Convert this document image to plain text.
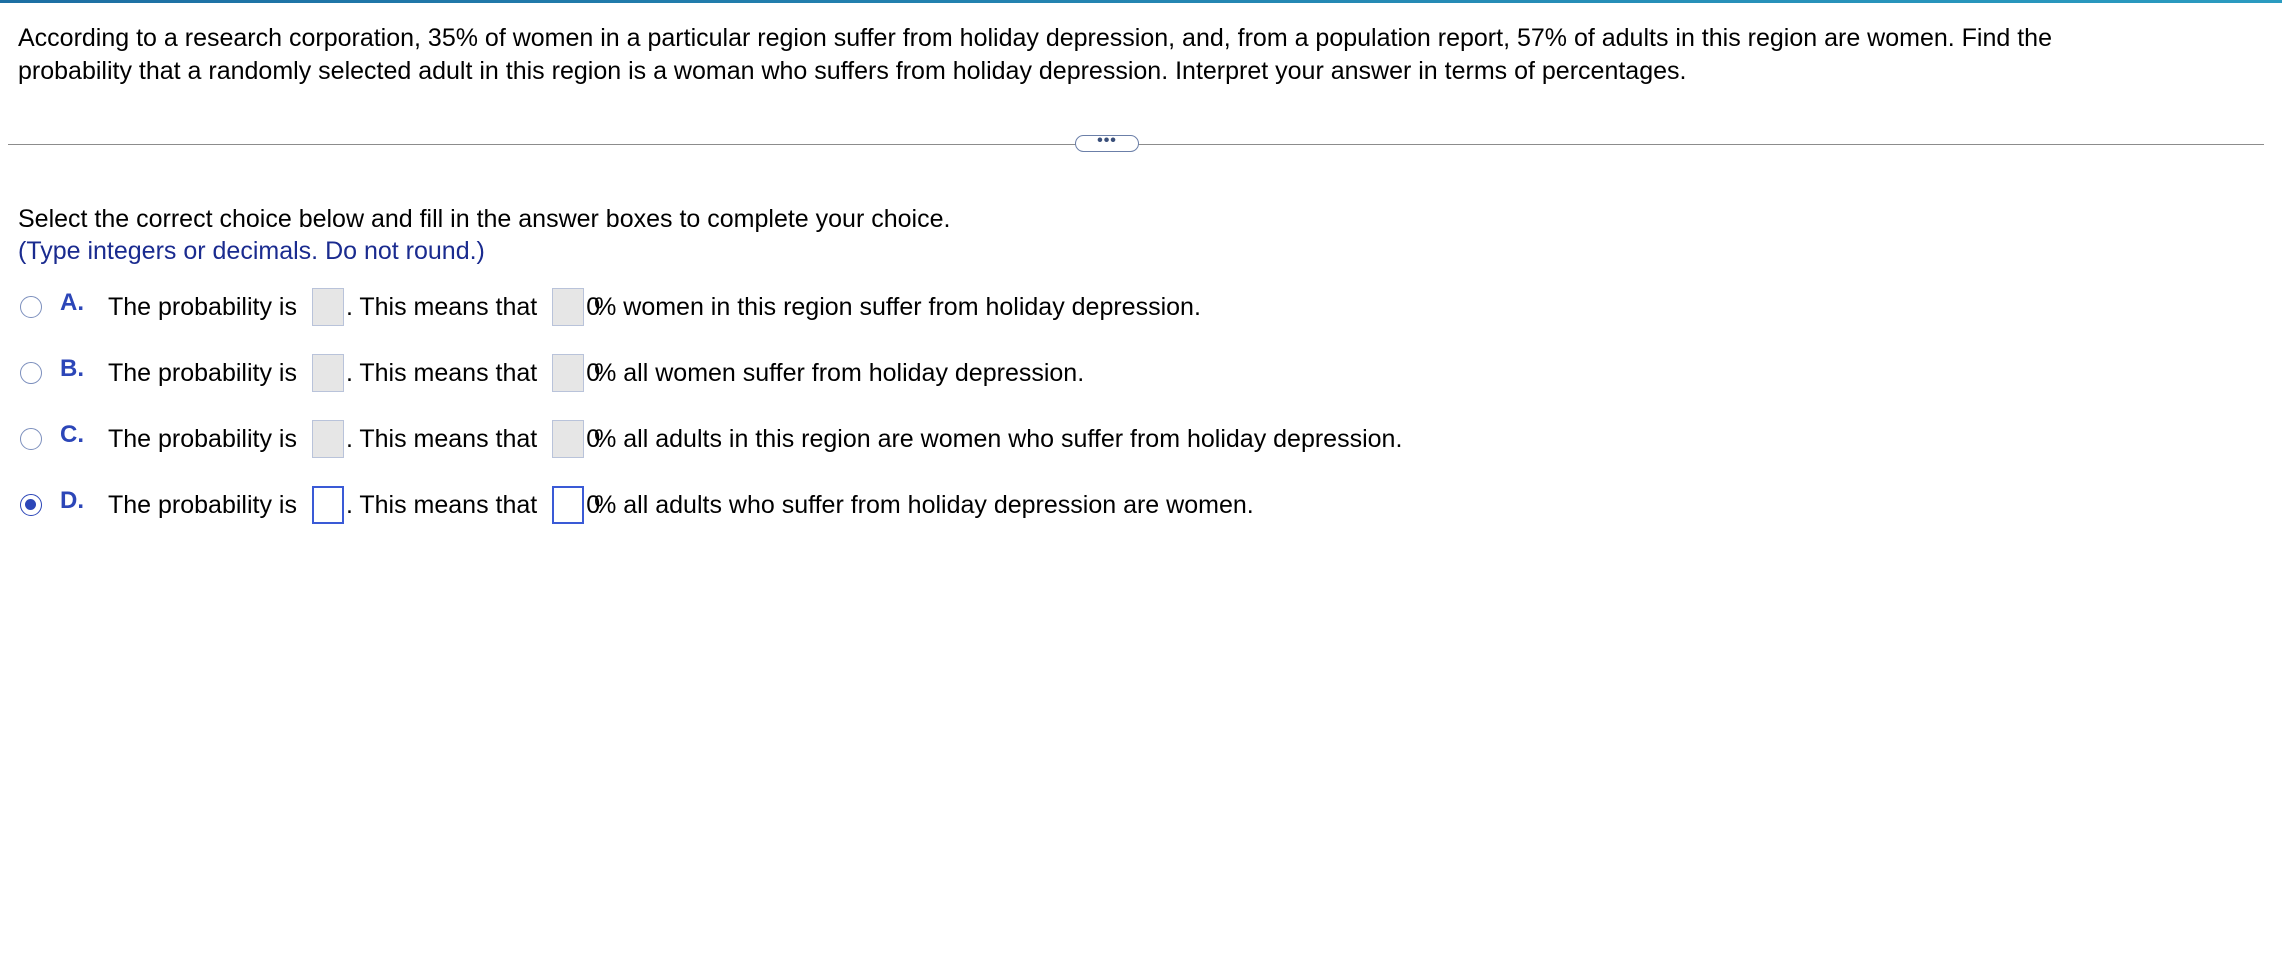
According to a research corporation, 35% of women in a particular region suffer from holiday depression, and, from a population report, 57% of adults in this region are women. Find the probability that a randomly selected adult in this region is a woman who suffers from holiday depression. Interpret your answer in terms of percentages.
•••
Select the correct choice below and fill in the answer boxes to complete your choice.
(Type integers or decimals. Do not round.)
A. The probability is . This means that 0% women in this region suffer from holiday depression.
B. The probability is . This means that 0% all women suffer from holiday depression.
C. The probability is . This means that 0% all adults in this region are women who suffer from holiday depression.
D. The probability is . This means that 0% all adults who suffer from holiday depression are women.
